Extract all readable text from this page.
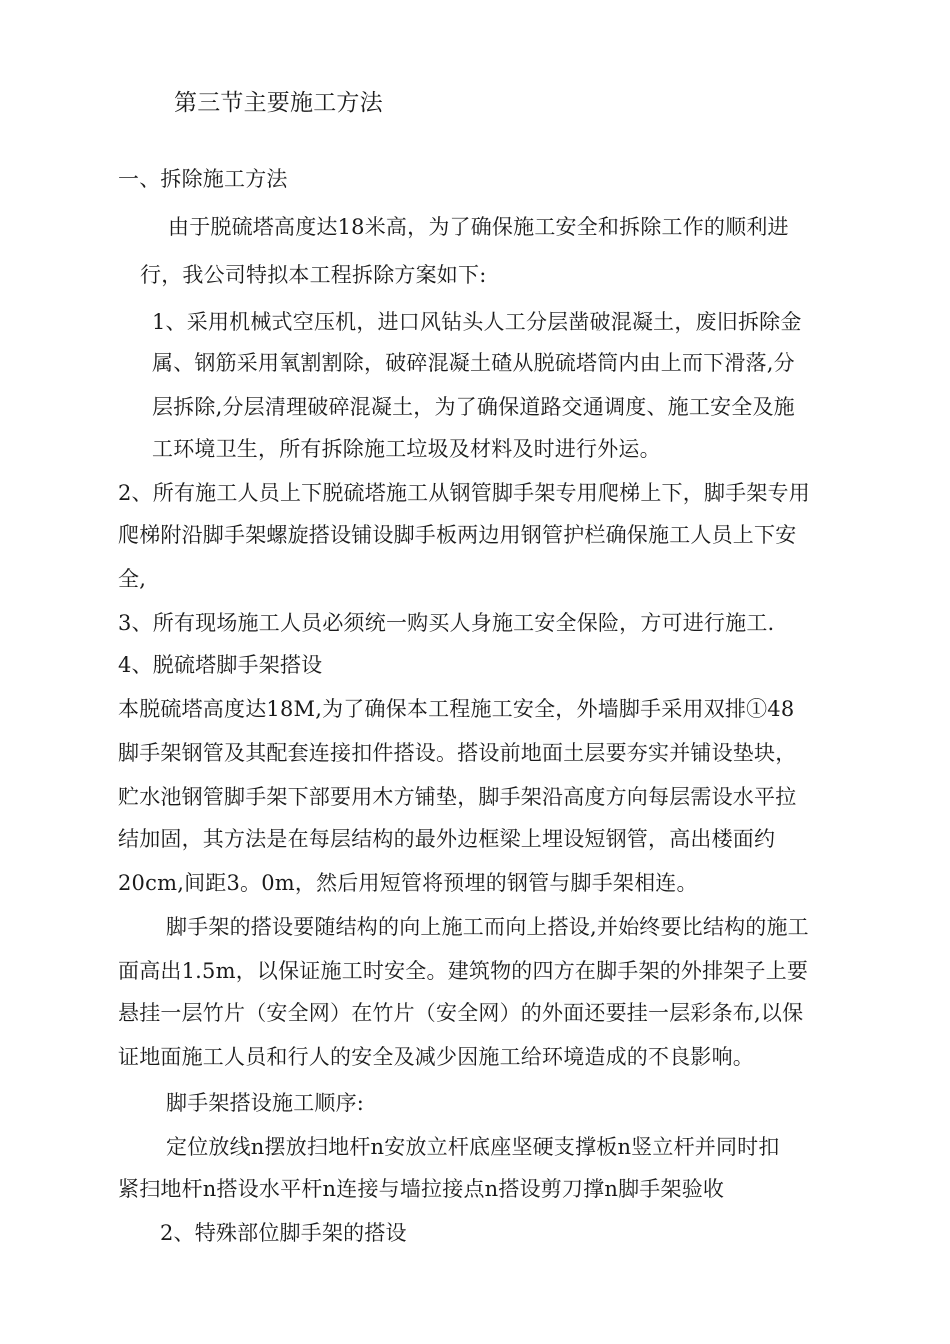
第三节主要施工方法
一、拆除施工方法
由于脱硫塔高度达18米高，为了确保施工安全和拆除工作的顺利进
行，我公司特拟本工程拆除方案如下:
1、采用机械式空压机，进口风钻头人工分层凿破混凝土，废旧拆除金
属、钢筋采用氧割割除，破碎混凝土碴从脱硫塔筒内由上而下滑落,分
层拆除,分层清理破碎混凝土，为了确保道路交通调度、施工安全及施
工环境卫生，所有拆除施工垃圾及材料及时进行外运。
2、所有施工人员上下脱硫塔施工从钢管脚手架专用爬梯上下，脚手架专用
爬梯附沿脚手架螺旋搭设铺设脚手板两边用钢管护栏确保施工人员上下安
全,
3、所有现场施工人员必须统一购买人身施工安全保险，方可进行施工.
4、脱硫塔脚手架搭设
本脱硫塔高度达18M,为了确保本工程施工安全，外墙脚手采用双排①48
脚手架钢管及其配套连接扣件搭设。搭设前地面土层要夯实并铺设垫块，
贮水池钢管脚手架下部要用木方铺垫，脚手架沿高度方向每层需设水平拉
结加固，其方法是在每层结构的最外边框梁上埋设短钢管，高出楼面约
20cm,间距3。0m，然后用短管将预埋的钢管与脚手架相连。
脚手架的搭设要随结构的向上施工而向上搭设,并始终要比结构的施工
面高出1.5m，以保证施工时安全。建筑物的四方在脚手架的外排架子上要
悬挂一层竹片（安全网）在竹片（安全网）的外面还要挂一层彩条布,以保
证地面施工人员和行人的安全及减少因施工给环境造成的不良影响。
脚手架搭设施工顺序:
定位放线n摆放扫地杆n安放立杆底座坚硬支撑板n竖立杆并同时扣
紧扫地杆n搭设水平杆n连接与墙拉接点n搭设剪刀撑n脚手架验收
2、特殊部位脚手架的搭设
